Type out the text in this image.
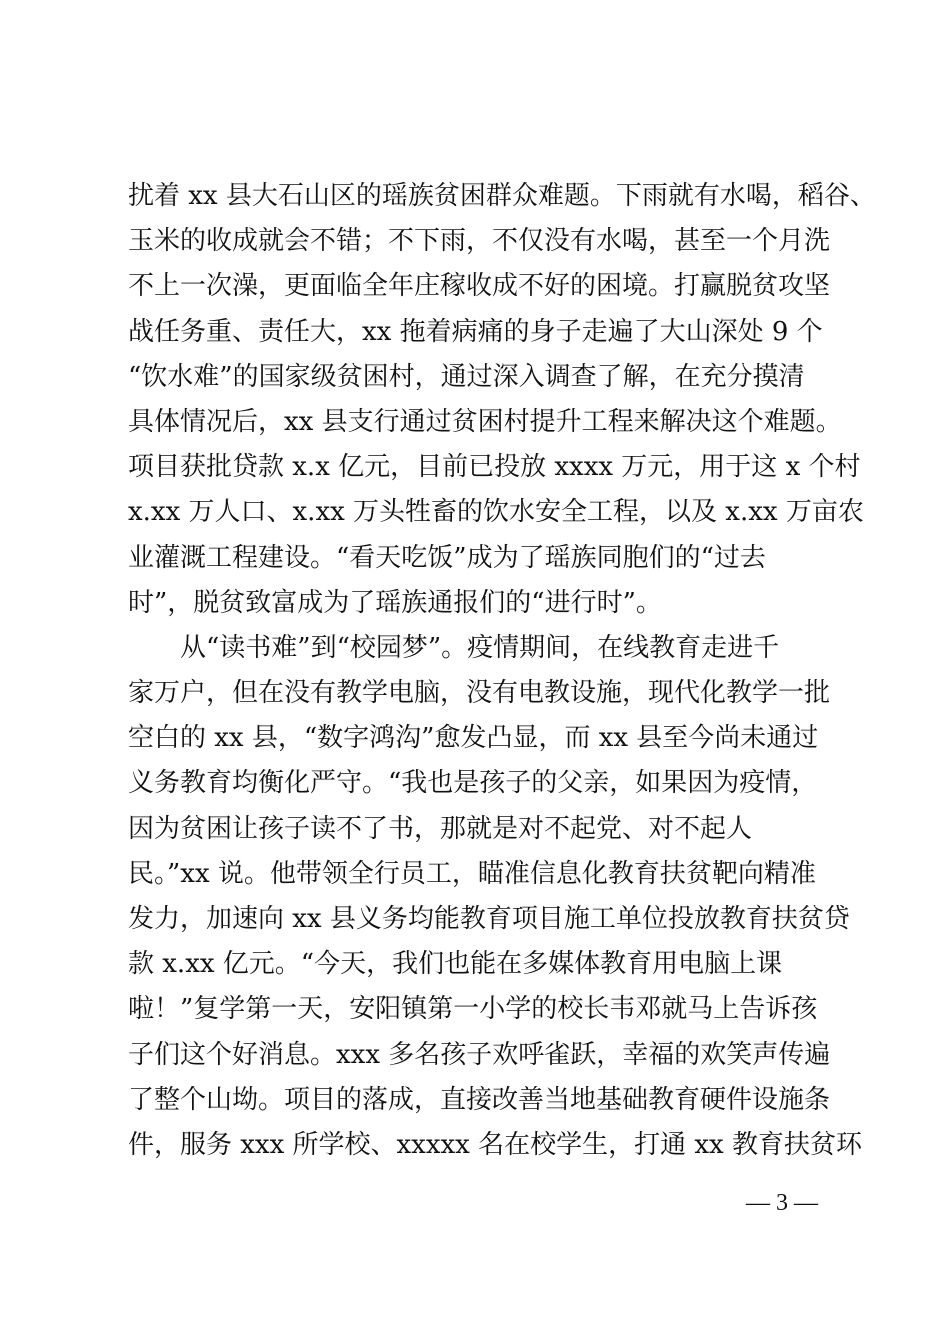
扰着 xx 县大石山区的瑶族贫困群众难题。下雨就有水喝，稻谷、
玉米的收成就会不错；不下雨，不仅没有水喝，甚至一个月洗
不上一次澡，更面临全年庄稼收成不好的困境。打赢脱贫攻坚
战任务重、责任大，xx 拖着病痛的身子走遍了大山深处 9 个
“饮水难”的国家级贫困村，通过深入调查了解，在充分摸清
具体情况后，xx 县支行通过贫困村提升工程来解决这个难题。
项目获批贷款 x.x 亿元，目前已投放 xxxx 万元，用于这 x 个村
x.xx 万人口、x.xx 万头牲畜的饮水安全工程，以及 x.xx 万亩农
业灌溉工程建设。“看天吃饭”成为了瑶族同胞们的“过去
时”，脱贫致富成为了瑶族通报们的“进行时”。
　　从“读书难”到“校园梦”。疫情期间，在线教育走进千
家万户，但在没有教学电脑，没有电教设施，现代化教学一批
空白的 xx 县，“数字鸿沟”愈发凸显，而 xx 县至今尚未通过
义务教育均衡化严守。“我也是孩子的父亲，如果因为疫情，
因为贫困让孩子读不了书，那就是对不起党、对不起人
民。”xx 说。他带领全行员工，瞄准信息化教育扶贫靶向精准
发力，加速向 xx 县义务均能教育项目施工单位投放教育扶贫贷
款 x.xx 亿元。“今天，我们也能在多媒体教育用电脑上课
啦！”复学第一天，安阳镇第一小学的校长韦邓就马上告诉孩
子们这个好消息。xxx 多名孩子欢呼雀跃，幸福的欢笑声传遍
了整个山坳。项目的落成，直接改善当地基础教育硬件设施条
件，服务 xxx 所学校、xxxxx 名在校学生，打通 xx 教育扶贫环
— 3 —
